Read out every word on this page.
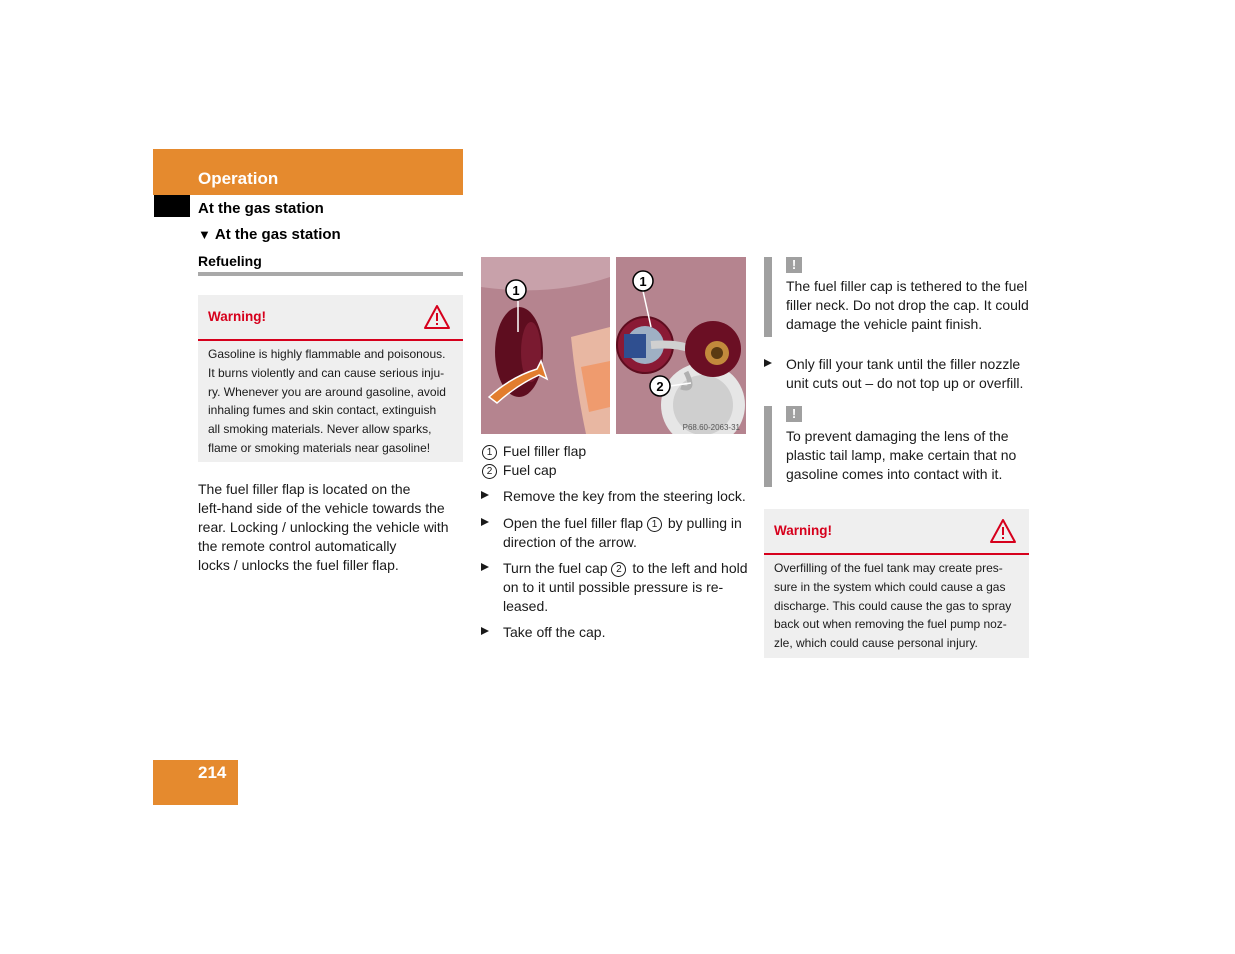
Operation
At the gas station
▼ At the gas station
Refueling
Warning!
Gasoline is highly flammable and poisonous.
It burns violently and can cause serious inju-
ry. Whenever you are around gasoline, avoid
inhaling fumes and skin contact, extinguish
all smoking materials. Never allow sparks,
flame or smoking materials near gasoline!
The fuel filler flap is located on the
left-hand side of the vehicle towards the
rear. Locking / unlocking the vehicle with
the remote control automatically
locks / unlocks the fuel filler flap.
1
1
2
P68.60-2063-31
1 Fuel filler flap
2 Fuel cap
Remove the key from the steering lock.
Open the fuel filler flap 1 by pulling in
direction of the arrow.
Turn the fuel cap 2 to the left and hold
on to it until possible pressure is re-
leased.
Take off the cap.
!
The fuel filler cap is tethered to the fuel
filler neck. Do not drop the cap. It could
damage the vehicle paint finish.
Only fill your tank until the filler nozzle
unit cuts out – do not top up or overfill.
!
To prevent damaging the lens of the
plastic tail lamp, make certain that no
gasoline comes into contact with it.
Warning!
Overfilling of the fuel tank may create pres-
sure in the system which could cause a gas
discharge. This could cause the gas to spray
back out when removing the fuel pump noz-
zle, which could cause personal injury.
214
